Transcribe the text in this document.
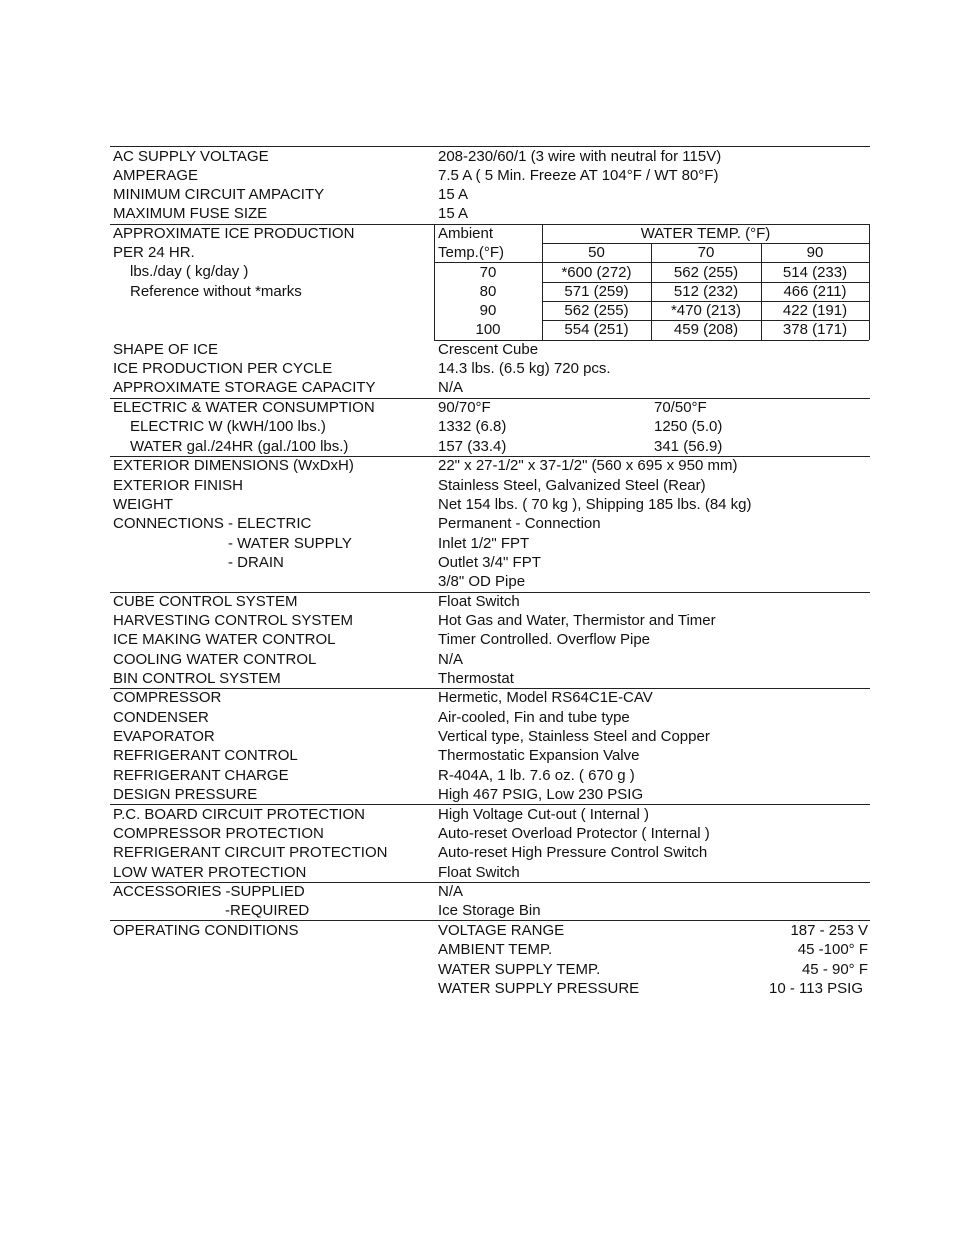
AC SUPPLY VOLTAGE	208-230/60/1 (3 wire with neutral for 115V)
AMPERAGE	7.5 A ( 5 Min. Freeze AT 104°F / WT 80°F)
MINIMUM CIRCUIT AMPACITY	15 A
MAXIMUM FUSE SIZE	15 A
APPROXIMATE ICE PRODUCTION
PER 24 HR.
lbs./day ( kg/day )
Reference without *marks
Ambient
Temp.(°F)
WATER TEMP. (°F)
50	70	90
70	*600 (272)	562 (255)	514 (233)
80	571 (259)	512 (232)	466 (211)
90	562 (255)	*470 (213)	422 (191)
100	554 (251)	459 (208)	378 (171)
SHAPE OF ICE	Crescent Cube
ICE PRODUCTION PER CYCLE	14.3 lbs. (6.5 kg) 720 pcs.
APPROXIMATE STORAGE CAPACITY	N/A
ELECTRIC & WATER CONSUMPTION	90/70°F	70/50°F
ELECTRIC W (kWH/100 lbs.)	1332 (6.8)	1250 (5.0)
WATER gal./24HR (gal./100 lbs.)	157 (33.4)	341 (56.9)
EXTERIOR DIMENSIONS (WxDxH)	22" x 27-1/2" x 37-1/2" (560 x 695 x 950 mm)
EXTERIOR FINISH	Stainless Steel, Galvanized Steel (Rear)
WEIGHT	Net 154 lbs. ( 70 kg ), Shipping 185 lbs. (84 kg)
CONNECTIONS - ELECTRIC	Permanent - Connection
- WATER SUPPLY	Inlet 1/2" FPT
- DRAIN	Outlet 3/4" FPT
3/8" OD Pipe
CUBE CONTROL SYSTEM	Float Switch
HARVESTING CONTROL SYSTEM	Hot Gas and Water, Thermistor and Timer
ICE MAKING WATER CONTROL	Timer Controlled. Overflow Pipe
COOLING WATER CONTROL	N/A
BIN CONTROL SYSTEM	Thermostat
COMPRESSOR	Hermetic, Model RS64C1E-CAV
CONDENSER	Air-cooled, Fin and tube type
EVAPORATOR	Vertical type, Stainless Steel and Copper
REFRIGERANT CONTROL	Thermostatic Expansion Valve
REFRIGERANT CHARGE	R-404A, 1 lb. 7.6 oz. ( 670 g )
DESIGN PRESSURE	High 467 PSIG, Low 230 PSIG
P.C. BOARD CIRCUIT PROTECTION	High Voltage Cut-out ( Internal )
COMPRESSOR PROTECTION	Auto-reset Overload Protector ( Internal )
REFRIGERANT CIRCUIT PROTECTION	Auto-reset High Pressure Control Switch
LOW WATER PROTECTION	Float Switch
ACCESSORIES -SUPPLIED	N/A
-REQUIRED	Ice Storage Bin
OPERATING CONDITIONS	VOLTAGE RANGE	187 - 253 V
AMBIENT TEMP.	45 -100° F
WATER SUPPLY TEMP.	45 - 90° F
WATER SUPPLY PRESSURE	10 - 113 PSIG
